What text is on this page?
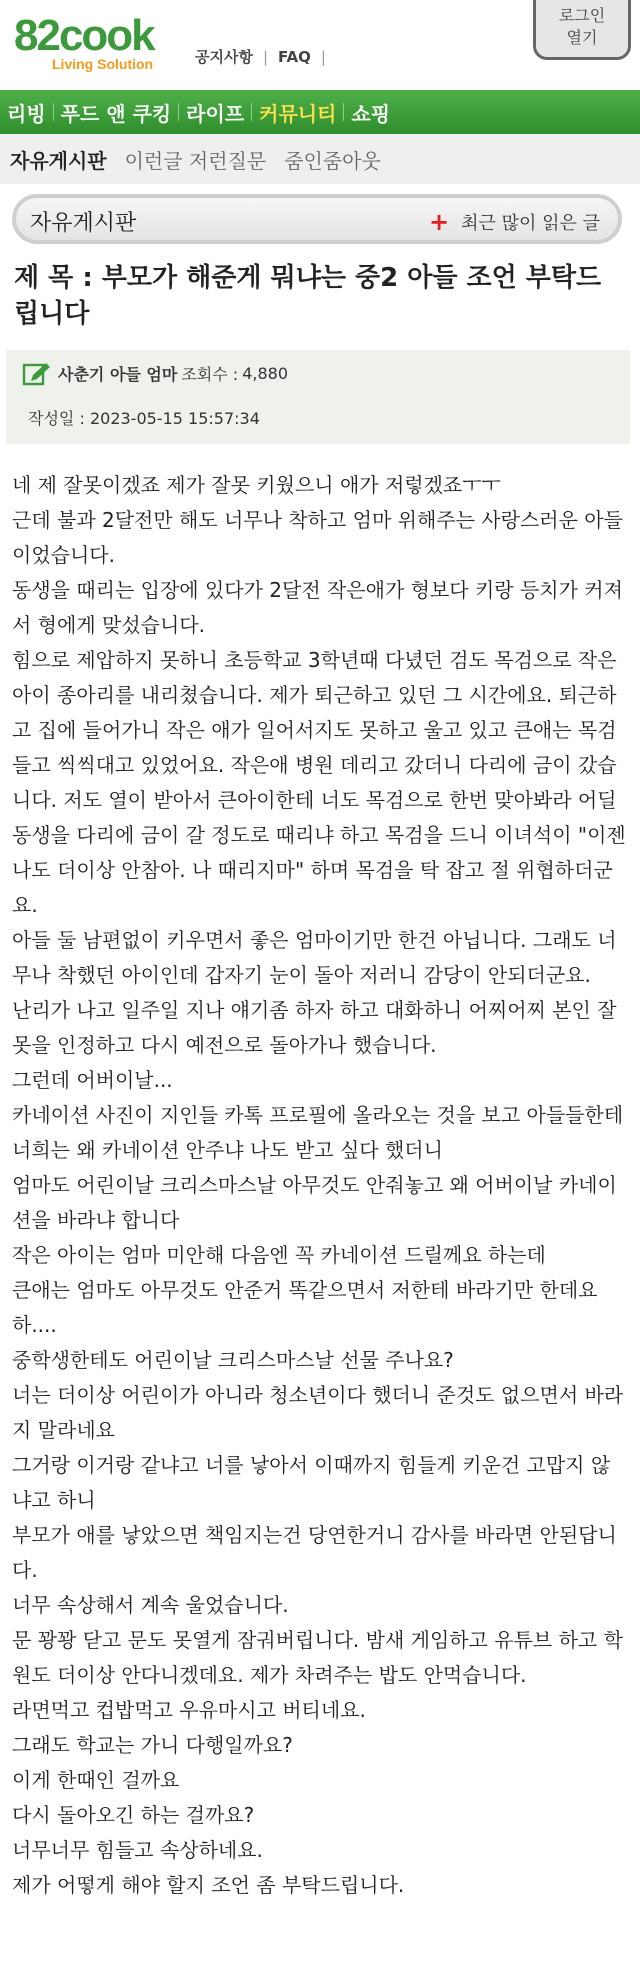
82cook
Living Solution	공지사항 | FAQ |
로그인
열기
리빙 푸드 앤 쿠킹 라이프 커뮤니티 쇼핑
자유게시판 이런글 저런질문 줌인줌아웃
자유게시판	+ 최근 많이 읽은 글
제 목 : 부모가 해준게 뭐냐는 중2 아들 조언 부탁드립니다
사춘기 아들 엄마 조회수 : 4,880
작성일 : 2023-05-15 15:57:34

네 제 잘못이겠죠 제가 잘못 키웠으니 애가 저렇겠죠ㅜㅜ

근데 불과 2달전만 해도 너무나 착하고 엄마 위해주는 사랑스러운 아들이었습니다.

동생을 때리는 입장에 있다가 2달전 작은애가 형보다 키랑 등치가 커져서 형에게 맞섰습니다.

힘으로 제압하지 못하니 초등학교 3학년때 다녔던 검도 목검으로 작은아이 종아리를 내리쳤습니다. 제가 퇴근하고 있던 그 시간에요. 퇴근하고 집에 들어가니 작은 애가 일어서지도 못하고 울고 있고 큰애는 목검들고 씩씩대고 있었어요. 작은애 병원 데리고 갔더니 다리에 금이 갔습니다. 저도 열이 받아서 큰아이한테 너도 목검으로 한번 맞아봐라 어딜 동생을 다리에 금이 갈 정도로 때리냐 하고 목검을 드니 이녀석이 "이젠 나도 더이상 안참아. 나 때리지마" 하며 목검을 탁 잡고 절 위협하더군요.

아들 둘 남편없이 키우면서 좋은 엄마이기만 한건 아닙니다. 그래도 너무나 착했던 아이인데 갑자기 눈이 돌아 저러니 감당이 안되더군요.

난리가 나고 일주일 지나 얘기좀 하자 하고 대화하니 어찌어찌 본인 잘못을 인정하고 다시 예전으로 돌아가나 했습니다.

그런데 어버이날...

카네이션 사진이 지인들 카톡 프로필에 올라오는 것을 보고 아들들한테 너희는 왜 카네이션 안주냐 나도 받고 싶다 했더니

엄마도 어린이날 크리스마스날 아무것도 안줘놓고 왜 어버이날 카네이션을 바라냐 합니다

작은 아이는 엄마 미안해 다음엔 꼭 카네이션 드릴께요 하는데

큰애는 엄마도 아무것도 안준거 똑같으면서 저한테 바라기만 한데요 하....

중학생한테도 어린이날 크리스마스날 선물 주나요?

너는 더이상 어린이가 아니라 청소년이다 했더니 준것도 없으면서 바라지 말라네요

그거랑 이거랑 같냐고 너를 낳아서 이때까지 힘들게 키운건 고맙지 않냐고 하니

부모가 애를 낳았으면 책임지는건 당연한거니 감사를 바라면 안된답니다.

너무 속상해서 계속 울었습니다.

문 꽝꽝 닫고 문도 못열게 잠궈버립니다. 밤새 게임하고 유튜브 하고 학원도 더이상 안다니겠데요. 제가 차려주는 밥도 안먹습니다.

라면먹고 컵밥먹고 우유마시고 버티네요.

그래도 학교는 가니 다행일까요?

이게 한때인 걸까요

다시 돌아오긴 하는 걸까요?

너무너무 힘들고 속상하네요.

제가 어떻게 해야 할지 조언 좀 부탁드립니다.
